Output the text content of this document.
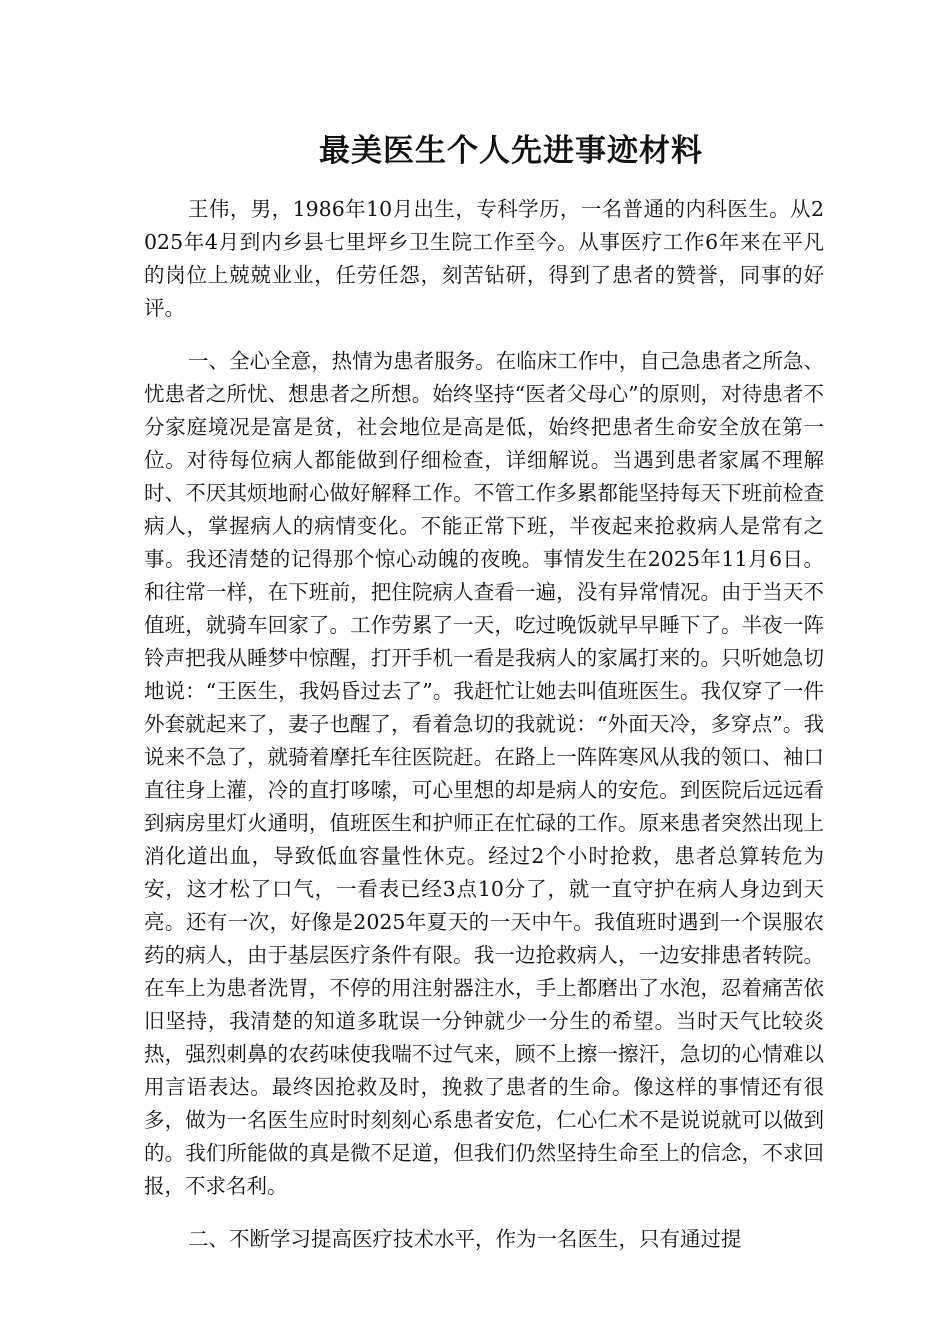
最美医生个人先进事迹材料

王伟，男，1986年10月出生，专科学历，一名普通的内科医生。从2025年4月到内乡县七里坪乡卫生院工作至今。从事医疗工作6年来在平凡的岗位上兢兢业业，任劳任怨，刻苦钻研，得到了患者的赞誉，同事的好评。

一、全心全意，热情为患者服务。在临床工作中，自己急患者之所急、忧患者之所忧、想患者之所想。始终坚持“医者父母心”的原则，对待患者不分家庭境况是富是贫，社会地位是高是低，始终把患者生命安全放在第一位。对待每位病人都能做到仔细检查，详细解说。当遇到患者家属不理解时、不厌其烦地耐心做好解释工作。不管工作多累都能坚持每天下班前检查病人，掌握病人的病情变化。不能正常下班，半夜起来抢救病人是常有之事。我还清楚的记得那个惊心动魄的夜晚。事情发生在2025年11月6日。和往常一样，在下班前，把住院病人查看一遍，没有异常情况。由于当天不值班，就骑车回家了。工作劳累了一天，吃过晚饭就早早睡下了。半夜一阵铃声把我从睡梦中惊醒，打开手机一看是我病人的家属打来的。只听她急切地说：“王医生，我妈昏过去了”。我赶忙让她去叫值班医生。我仅穿了一件外套就起来了，妻子也醒了，看着急切的我就说：“外面天冷，多穿点”。我说来不急了，就骑着摩托车往医院赶。在路上一阵阵寒风从我的领口、袖口直往身上灌，冷的直打哆嗦，可心里想的却是病人的安危。到医院后远远看到病房里灯火通明，值班医生和护师正在忙碌的工作。原来患者突然出现上消化道出血，导致低血容量性休克。经过2个小时抢救，患者总算转危为安，这才松了口气，一看表已经3点10分了，就一直守护在病人身边到天亮。还有一次，好像是2025年夏天的一天中午。我值班时遇到一个误服农药的病人，由于基层医疗条件有限。我一边抢救病人，一边安排患者转院。在车上为患者洗胃，不停的用注射器注水，手上都磨出了水泡，忍着痛苦依旧坚持，我清楚的知道多耽误一分钟就少一分生的希望。当时天气比较炎热，强烈刺鼻的农药味使我喘不过气来，顾不上擦一擦汗，急切的心情难以用言语表达。最终因抢救及时，挽救了患者的生命。像这样的事情还有很多，做为一名医生应时时刻刻心系患者安危，仁心仁术不是说说就可以做到的。我们所能做的真是微不足道，但我们仍然坚持生命至上的信念，不求回报，不求名利。

二、不断学习提高医疗技术水平，作为一名医生，只有通过提
